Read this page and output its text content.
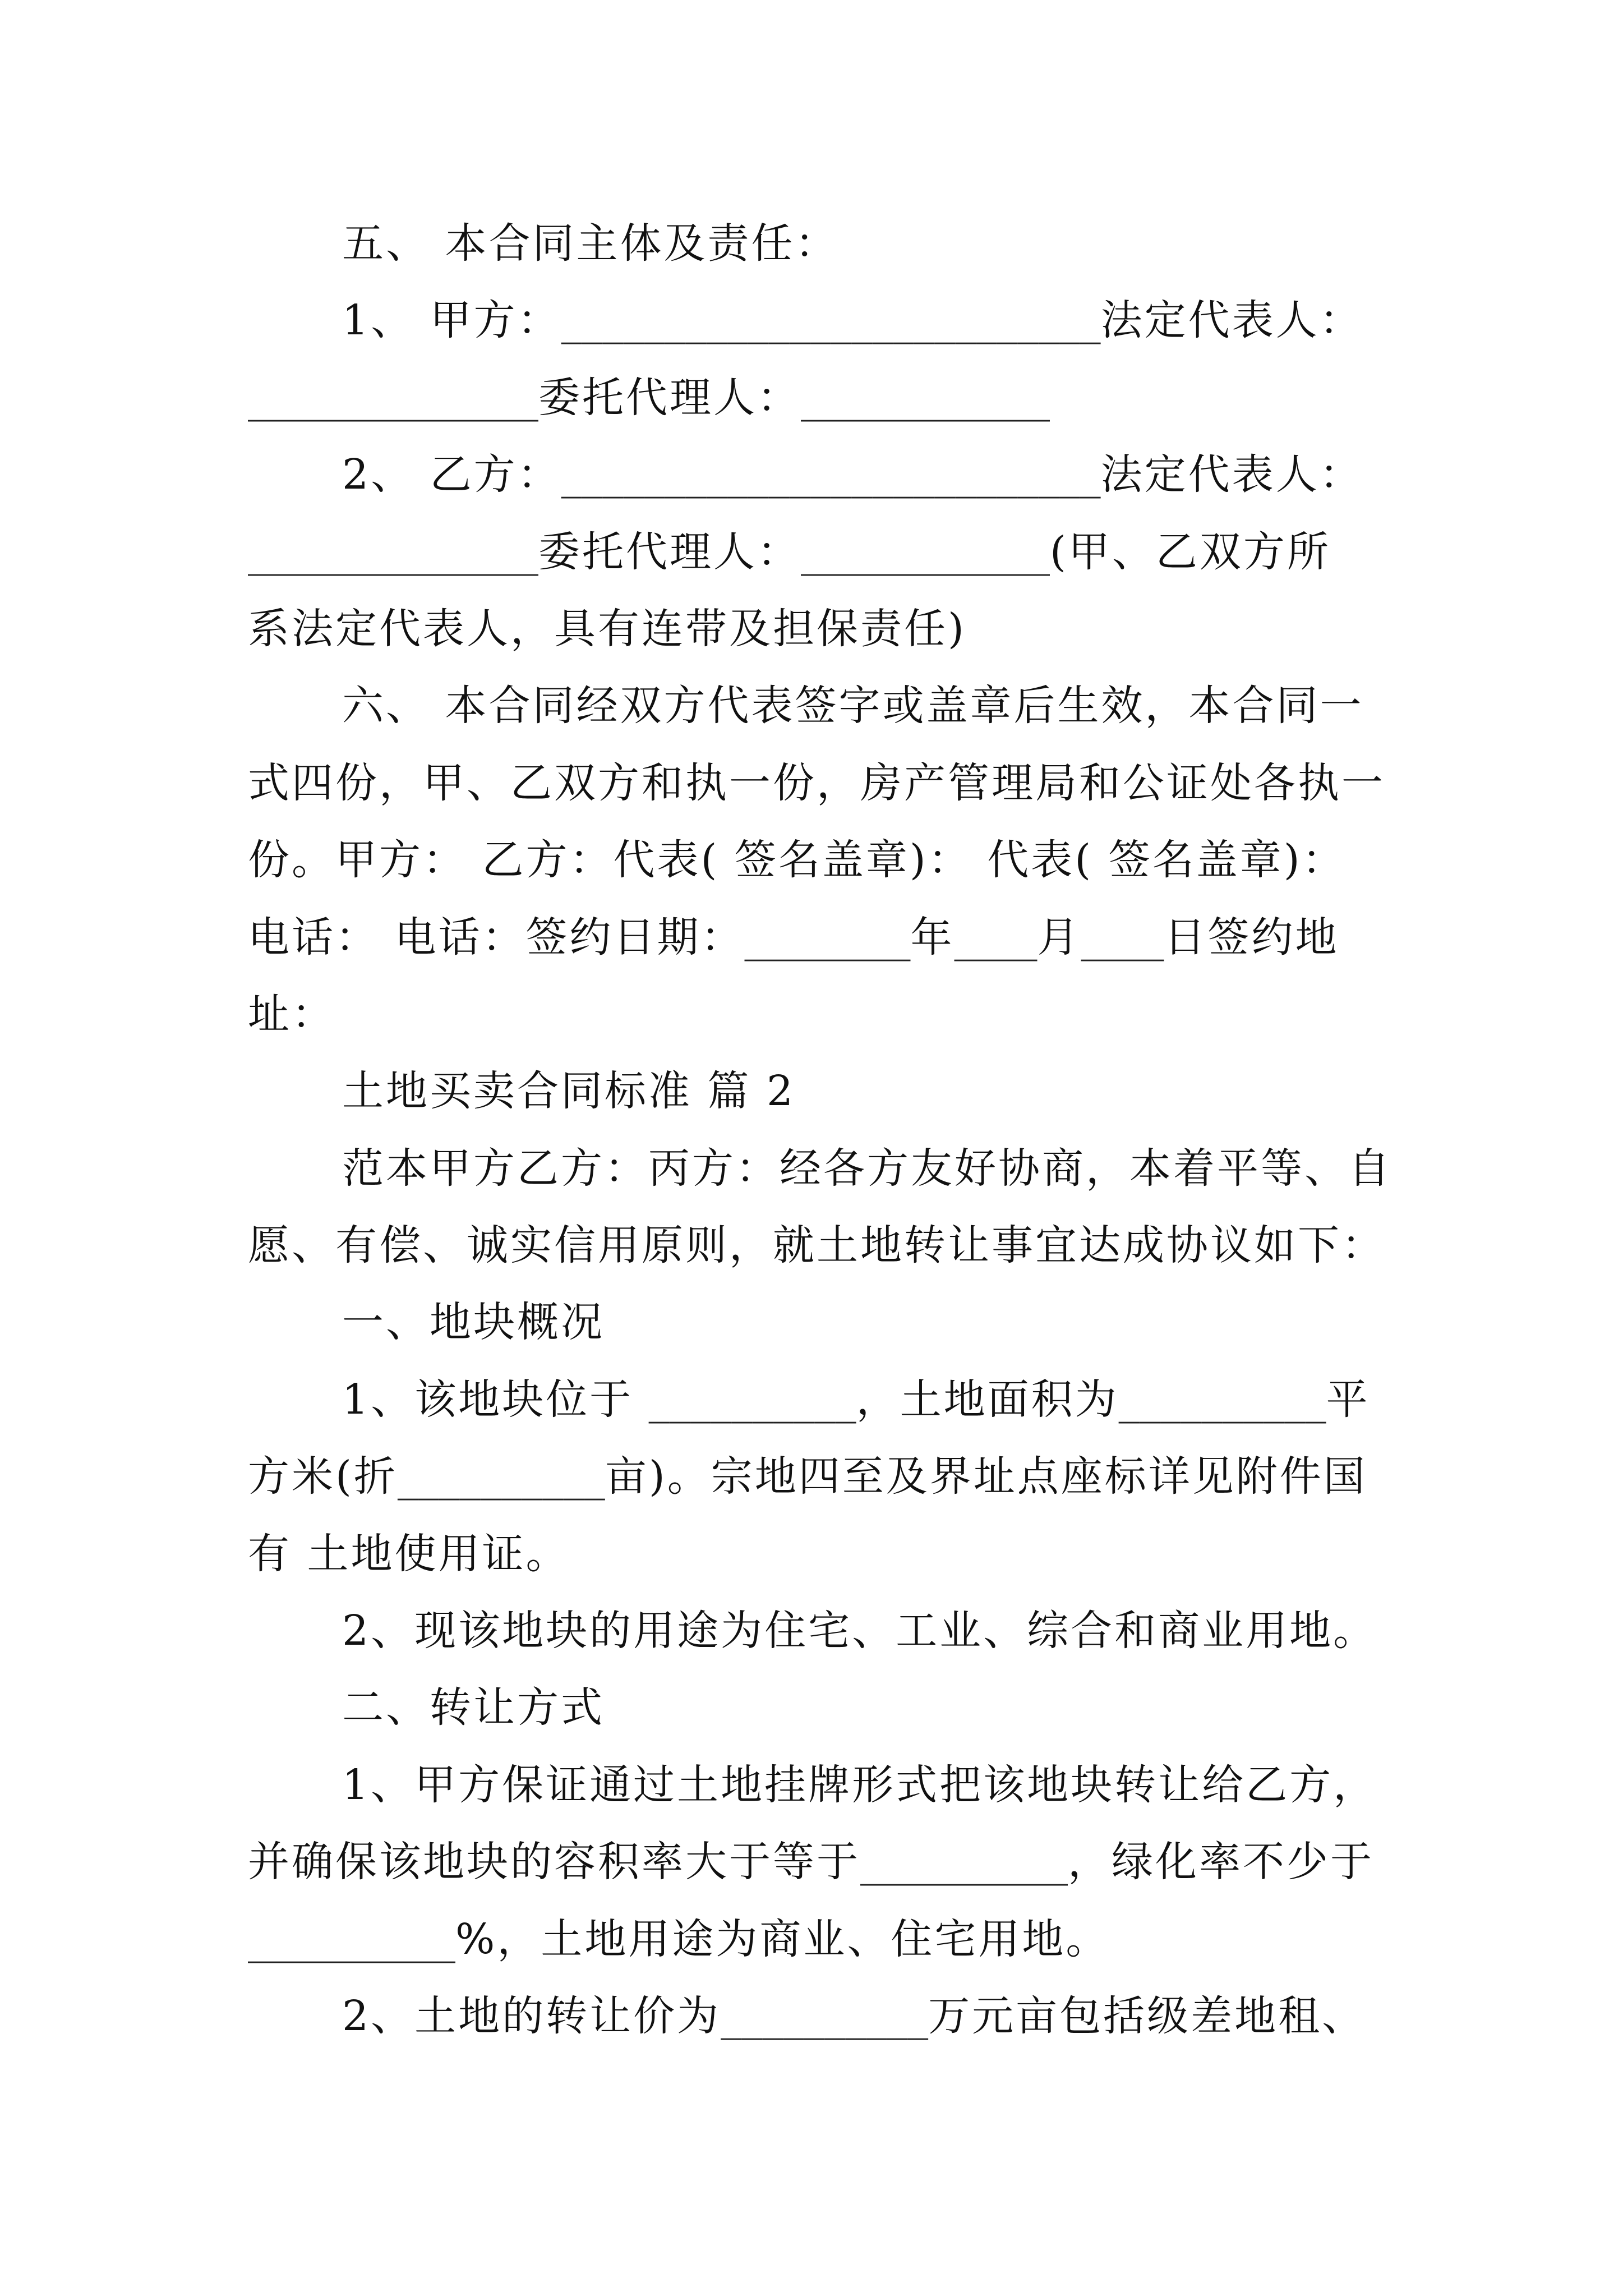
五、 本合同主体及责任：
1、 甲方：__________________________法定代表人：
______________委托代理人：____________
2、 乙方：__________________________法定代表人：
______________委托代理人：____________(甲、乙双方所
系法定代表人，具有连带及担保责任)
六、 本合同经双方代表签字或盖章后生效，本合同一
式四份，甲、乙双方和执一份，房产管理局和公证处各执一
份。甲方： 乙方：代表( 签名盖章)： 代表( 签名盖章)：
电话： 电话：签约日期：________年____月____日签约地
址：
土地买卖合同标准 篇 2
范本甲方乙方：丙方：经各方友好协商，本着平等、自
愿、有偿、诚实信用原则，就土地转让事宜达成协议如下：
一、地块概况
1、该地块位于 __________，土地面积为__________平
方米(折__________亩)。宗地四至及界址点座标详见附件国
有 土地使用证。
2、现该地块的用途为住宅、工业、综合和商业用地。
二、转让方式
1、甲方保证通过土地挂牌形式把该地块转让给乙方，
并确保该地块的容积率大于等于__________，绿化率不少于
__________%，土地用途为商业、住宅用地。
2、土地的转让价为__________万元亩包括级差地租、
